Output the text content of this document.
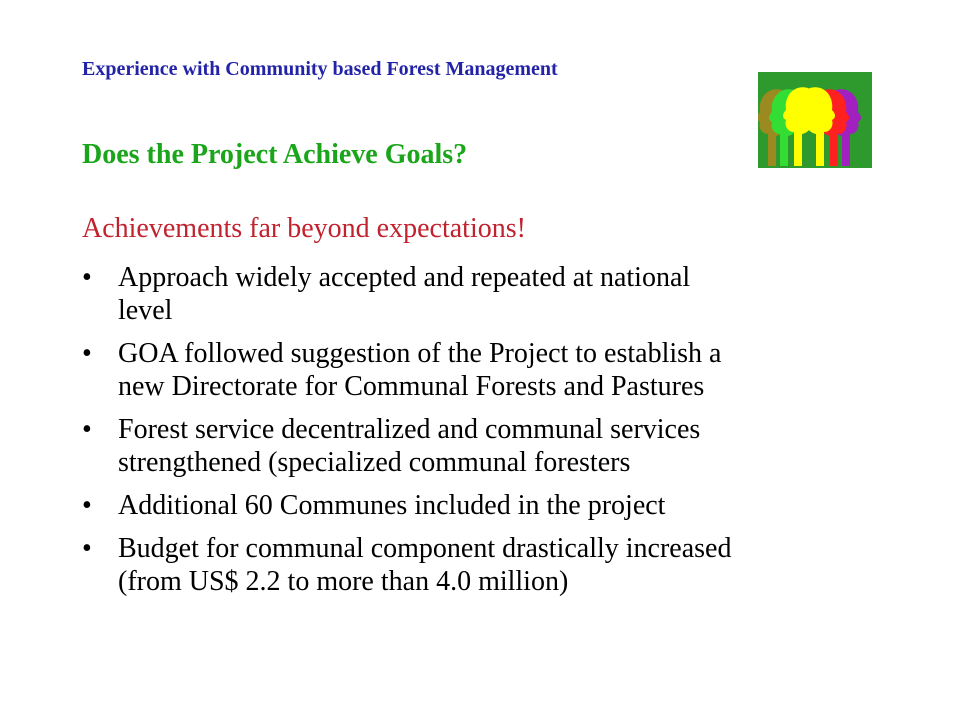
Experience with Community based Forest Management
Does the Project Achieve Goals?
Achievements far beyond expectations!
• Approach widely accepted and repeated at national
level
• GOA followed suggestion of the Project to establish a
new Directorate for Communal Forests and Pastures
• Forest service decentralized and communal services
strengthened (specialized communal foresters
• Additional 60 Communes included in the project
• Budget for communal component drastically increased
(from US$ 2.2 to more than 4.0 million)
